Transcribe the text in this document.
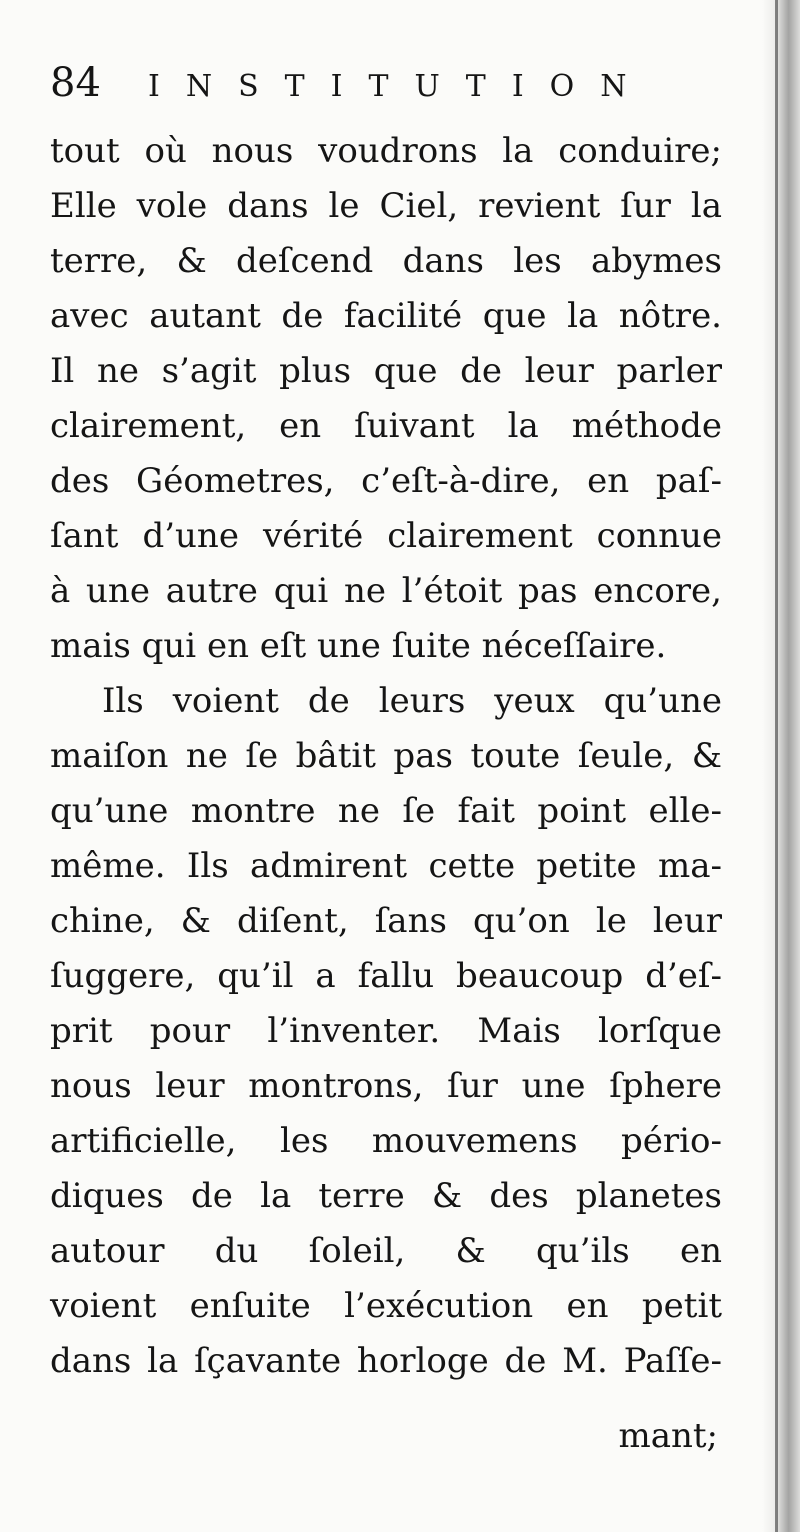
84	INSTITUTION
tout où nous voudrons la conduire;
Elle vole dans le Ciel, revient ſur la
terre, & deſcend dans les abymes
avec autant de facilité que la nôtre.
Il ne s’agit plus que de leur parler
clairement, en ſuivant la méthode
des Géometres, c’eſt-à-dire, en paſ-
ſant d’une vérité clairement connue
à une autre qui ne l’étoit pas encore,
mais qui en eſt une ſuite néceſſaire.
Ils voient de leurs yeux qu’une
maiſon ne ſe bâtit pas toute ſeule, &
qu’une montre ne ſe fait point elle-
même. Ils admirent cette petite ma-
chine, & diſent, ſans qu’on le leur
ſuggere, qu’il a fallu beaucoup d’eſ-
prit pour l’inventer. Mais lorſque
nous leur montrons, ſur une ſphere
artificielle, les mouvemens pério-
diques de la terre & des planetes
autour du ſoleil, & qu’ils en
voient enſuite l’exécution en petit
dans la ſçavante horloge de M. Paſſe-
mant;
